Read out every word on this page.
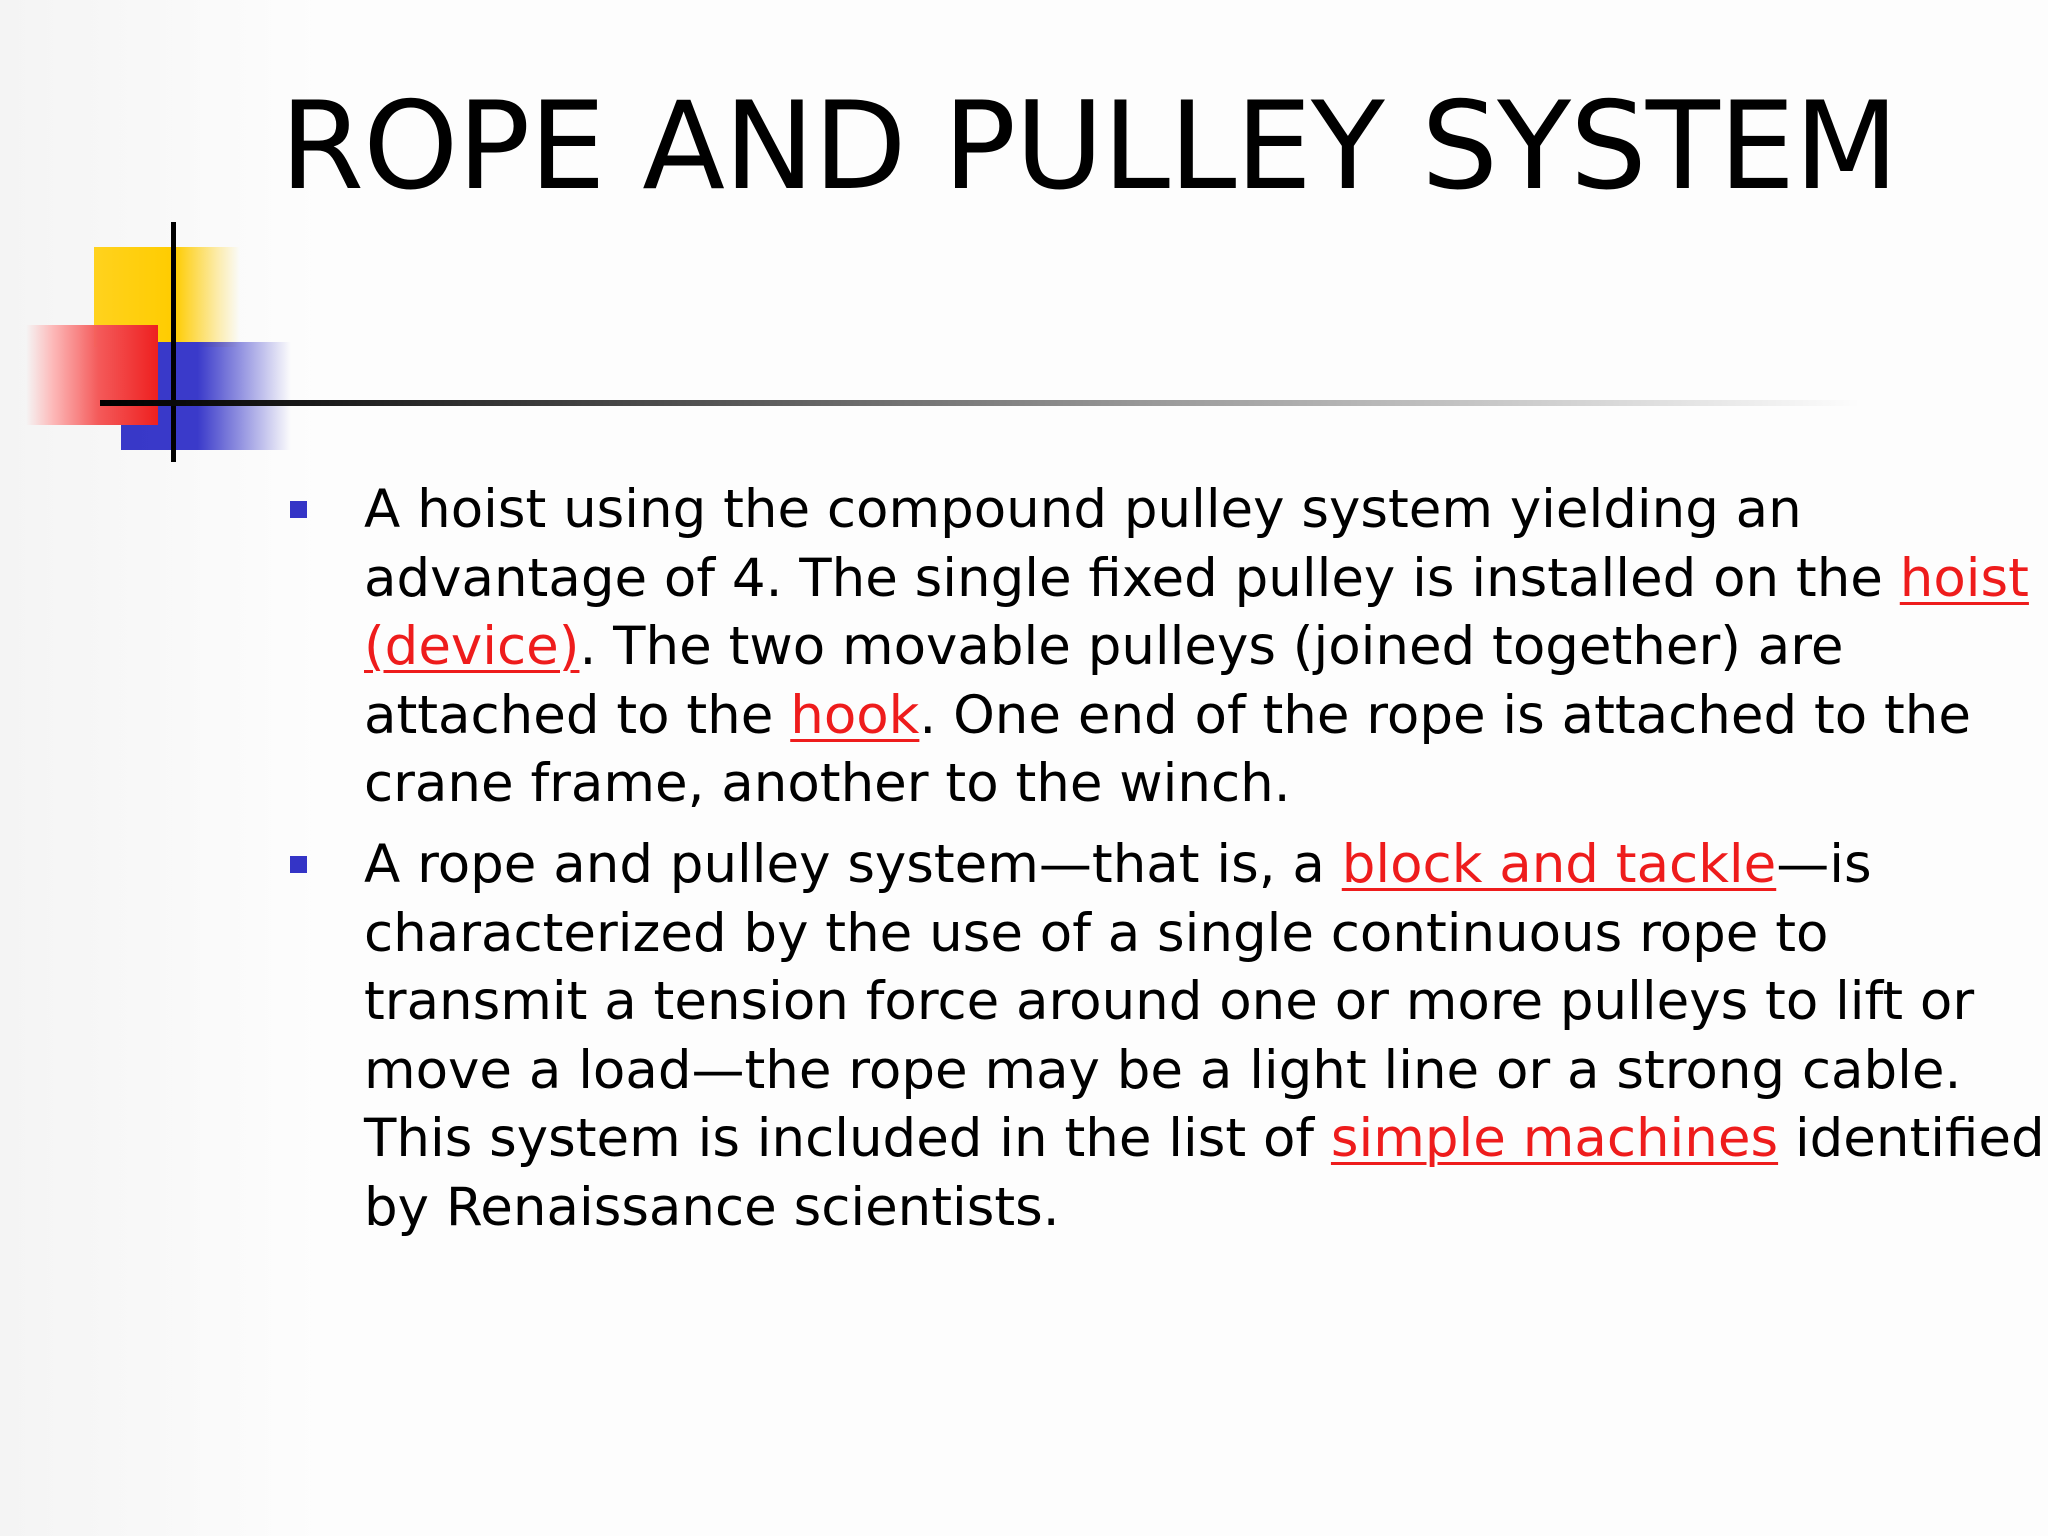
ROPE AND PULLEY SYSTEM

A hoist using the compound pulley system yielding an advantage of 4. The single fixed pulley is installed on the hoist (device). The two movable pulleys (joined together) are attached to the hook. One end of the rope is attached to the crane frame, another to the winch.

A rope and pulley system—that is, a block and tackle—is characterized by the use of a single continuous rope to transmit a tension force around one or more pulleys to lift or move a load—the rope may be a light line or a strong cable. This system is included in the list of simple machines identified by Renaissance scientists.
